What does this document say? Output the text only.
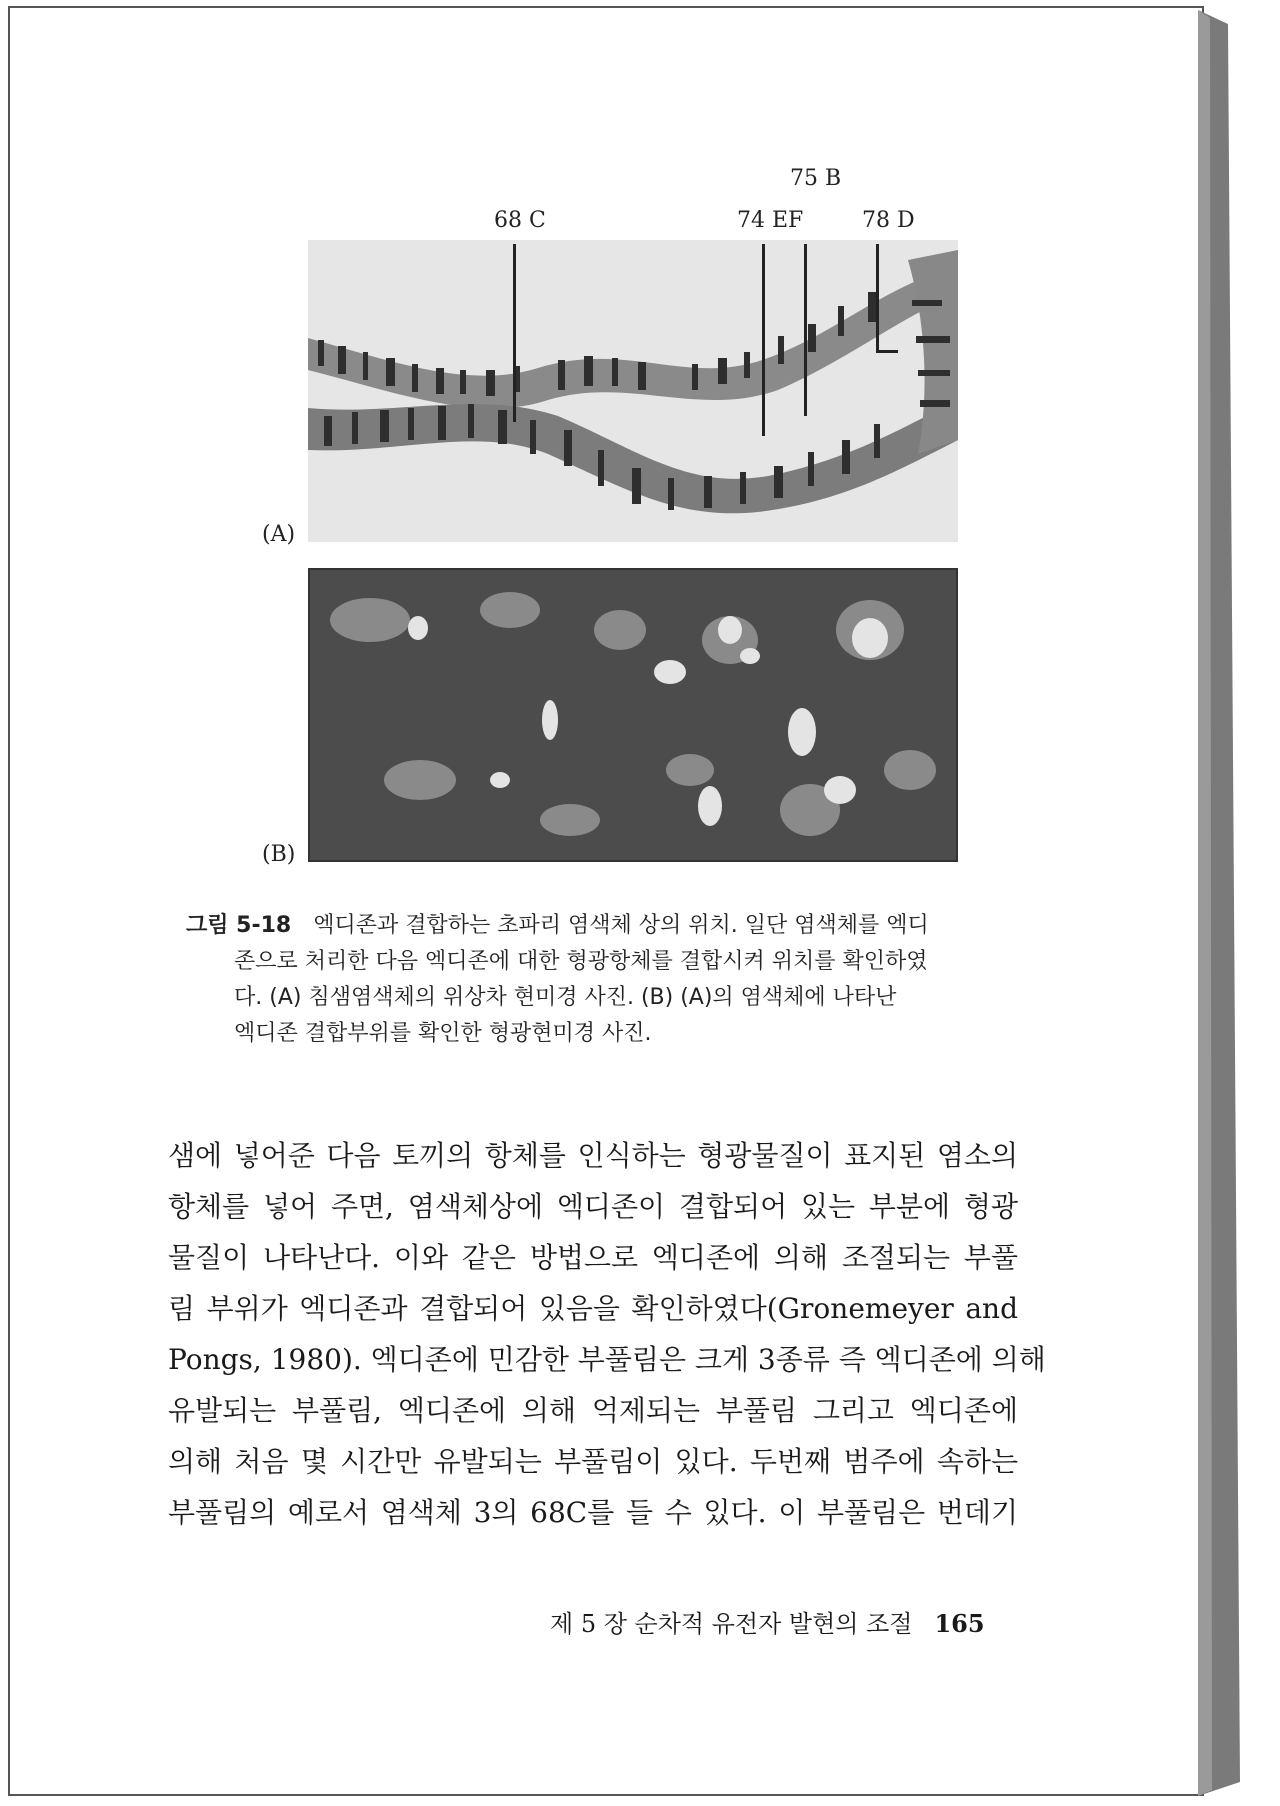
75 B
68 C	74 EF	78 D
(A)
(B)
그림 5-18 엑디존과 결합하는 초파리 염색체 상의 위치. 일단 염색체를 엑디
존으로 처리한 다음 엑디존에 대한 형광항체를 결합시켜 위치를 확인하였
다. (A) 침샘염색체의 위상차 현미경 사진. (B) (A)의 염색체에 나타난
엑디존 결합부위를 확인한 형광현미경 사진.
샘에 넣어준 다음 토끼의 항체를 인식하는 형광물질이 표지된 염소의
항체를 넣어 주면, 염색체상에 엑디존이 결합되어 있는 부분에 형광
물질이 나타난다. 이와 같은 방법으로 엑디존에 의해 조절되는 부풀
림 부위가 엑디존과 결합되어 있음을 확인하였다(Gronemeyer and
Pongs, 1980). 엑디존에 민감한 부풀림은 크게 3종류 즉 엑디존에 의해
유발되는 부풀림, 엑디존에 의해 억제되는 부풀림 그리고 엑디존에
의해 처음 몇 시간만 유발되는 부풀림이 있다. 두번째 범주에 속하는
부풀림의 예로서 염색체 3의 68C를 들 수 있다. 이 부풀림은 번데기
제 5 장 순차적 유전자 발현의 조절 165
